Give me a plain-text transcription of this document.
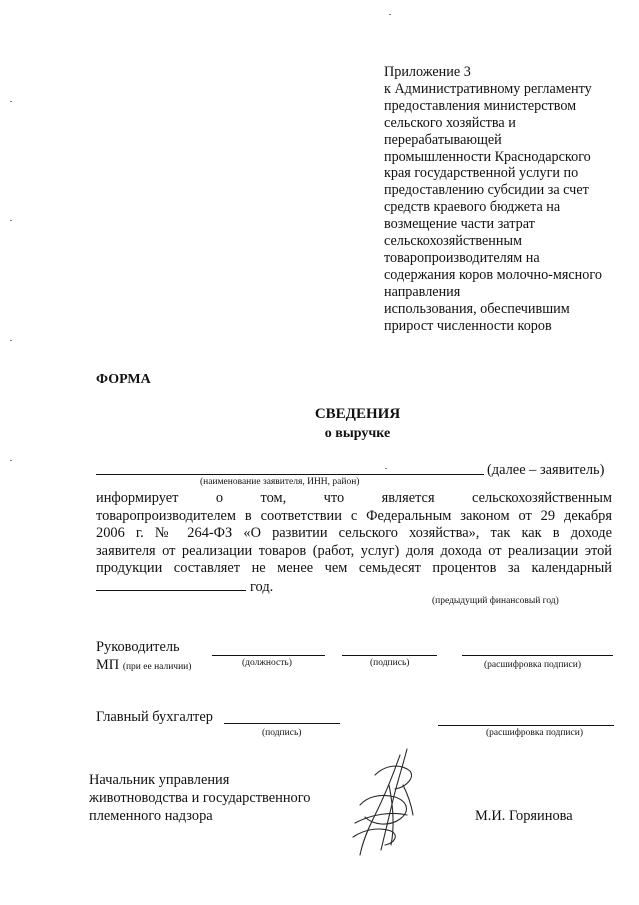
Приложение 3
к Административному регламенту
предоставления министерством
сельского хозяйства и
перерабатывающей
промышленности Краснодарского
края государственной услуги по
предоставлению субсидии за счет
средств краевого бюджета на
возмещение части затрат
сельскохозяйственным
товаропроизводителям на
содержания коров молочно-мясного
направления
использования, обеспечившим
прирост численности коров
ФОРМА
СВЕДЕНИЯ
о выручке
(далее – заявитель)
(наименование заявителя, ИНН, район)
информирует о том, что является сельскохозяйственным
товаропроизводителем в соответствии с Федеральным законом от 29 декабря
2006 г. № 264-ФЗ «О развитии сельского хозяйства», так как в доходе
заявителя от реализации товаров (работ, услуг) доля дохода от реализации этой
продукции составляет не менее чем семьдесят процентов за календарный
год.
(предыдущий финансовый год)
Руководитель
МП (при ее наличии)	(должность)	(подпись)	(расшифровка подписи)
Главный бухгалтер
(подпись)	(расшифровка подписи)
Начальник управления
животноводства и государственного
племенного надзора	М.И. Горяинова
